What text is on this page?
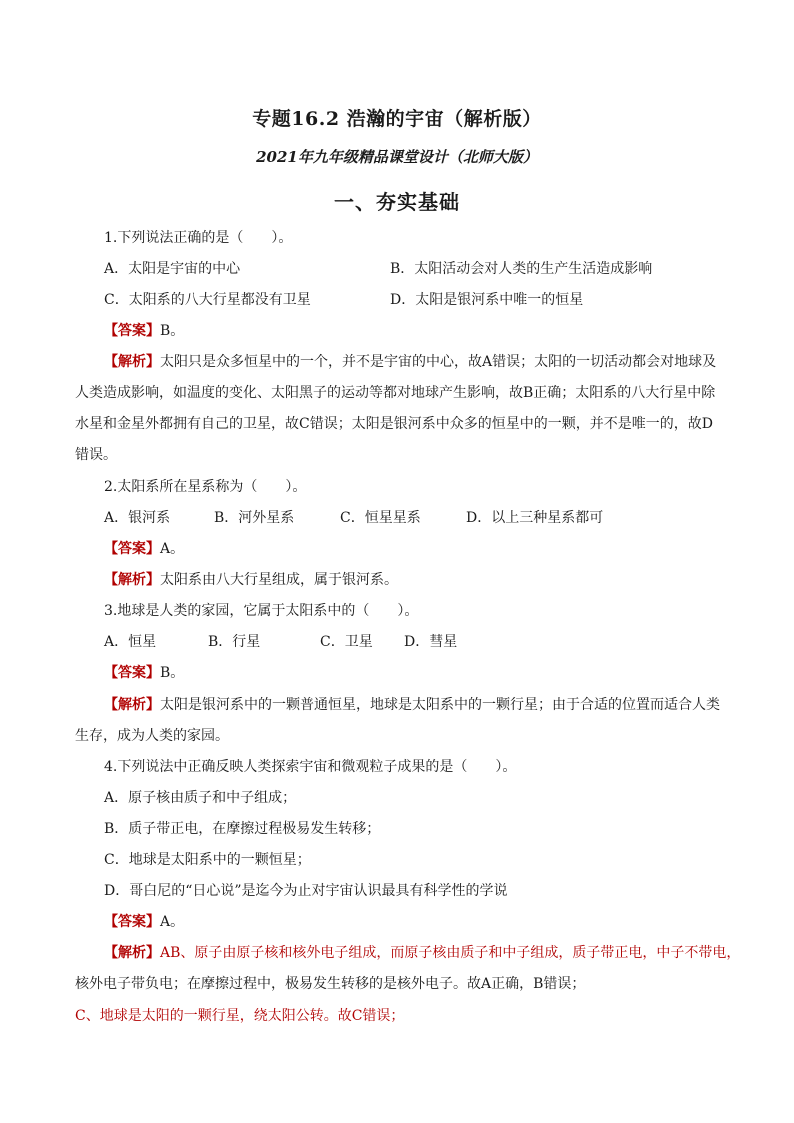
专题16.2 浩瀚的宇宙（解析版）
2021年九年级精品课堂设计（北师大版）
一、夯实基础
1.下列说法正确的是（　　）。
A．太阳是宇宙的中心	B．太阳活动会对人类的生产生活造成影响
C．太阳系的八大行星都没有卫星	D．太阳是银河系中唯一的恒星
【答案】B。
【解析】太阳只是众多恒星中的一个，并不是宇宙的中心，故A错误；太阳的一切活动都会对地球及
人类造成影响，如温度的变化、太阳黑子的运动等都对地球产生影响，故B正确；太阳系的八大行星中除
水星和金星外都拥有自己的卫星，故C错误；太阳是银河系中众多的恒星中的一颗，并不是唯一的，故D
错误。
2.太阳系所在星系称为（　　）。
A．银河系	B．河外星系	C．恒星星系	D．以上三种星系都可
【答案】A。
【解析】太阳系由八大行星组成，属于银河系。
3.地球是人类的家园，它属于太阳系中的（　　）。
A．恒星	B．行星	C．卫星 D．彗星
【答案】B。
【解析】太阳是银河系中的一颗普通恒星，地球是太阳系中的一颗行星；由于合适的位置而适合人类
生存，成为人类的家园。
4.下列说法中正确反映人类探索宇宙和微观粒子成果的是（　　）。
A．原子核由质子和中子组成；
B．质子带正电，在摩擦过程极易发生转移；
C．地球是太阳系中的一颗恒星；
D．哥白尼的“日心说”是迄今为止对宇宙认识最具有科学性的学说
【答案】A。
【解析】AB、原子由原子核和核外电子组成，而原子核由质子和中子组成，质子带正电，中子不带电，
核外电子带负电；在摩擦过程中，极易发生转移的是核外电子。故A正确，B错误；
C、地球是太阳的一颗行星，绕太阳公转。故C错误；
